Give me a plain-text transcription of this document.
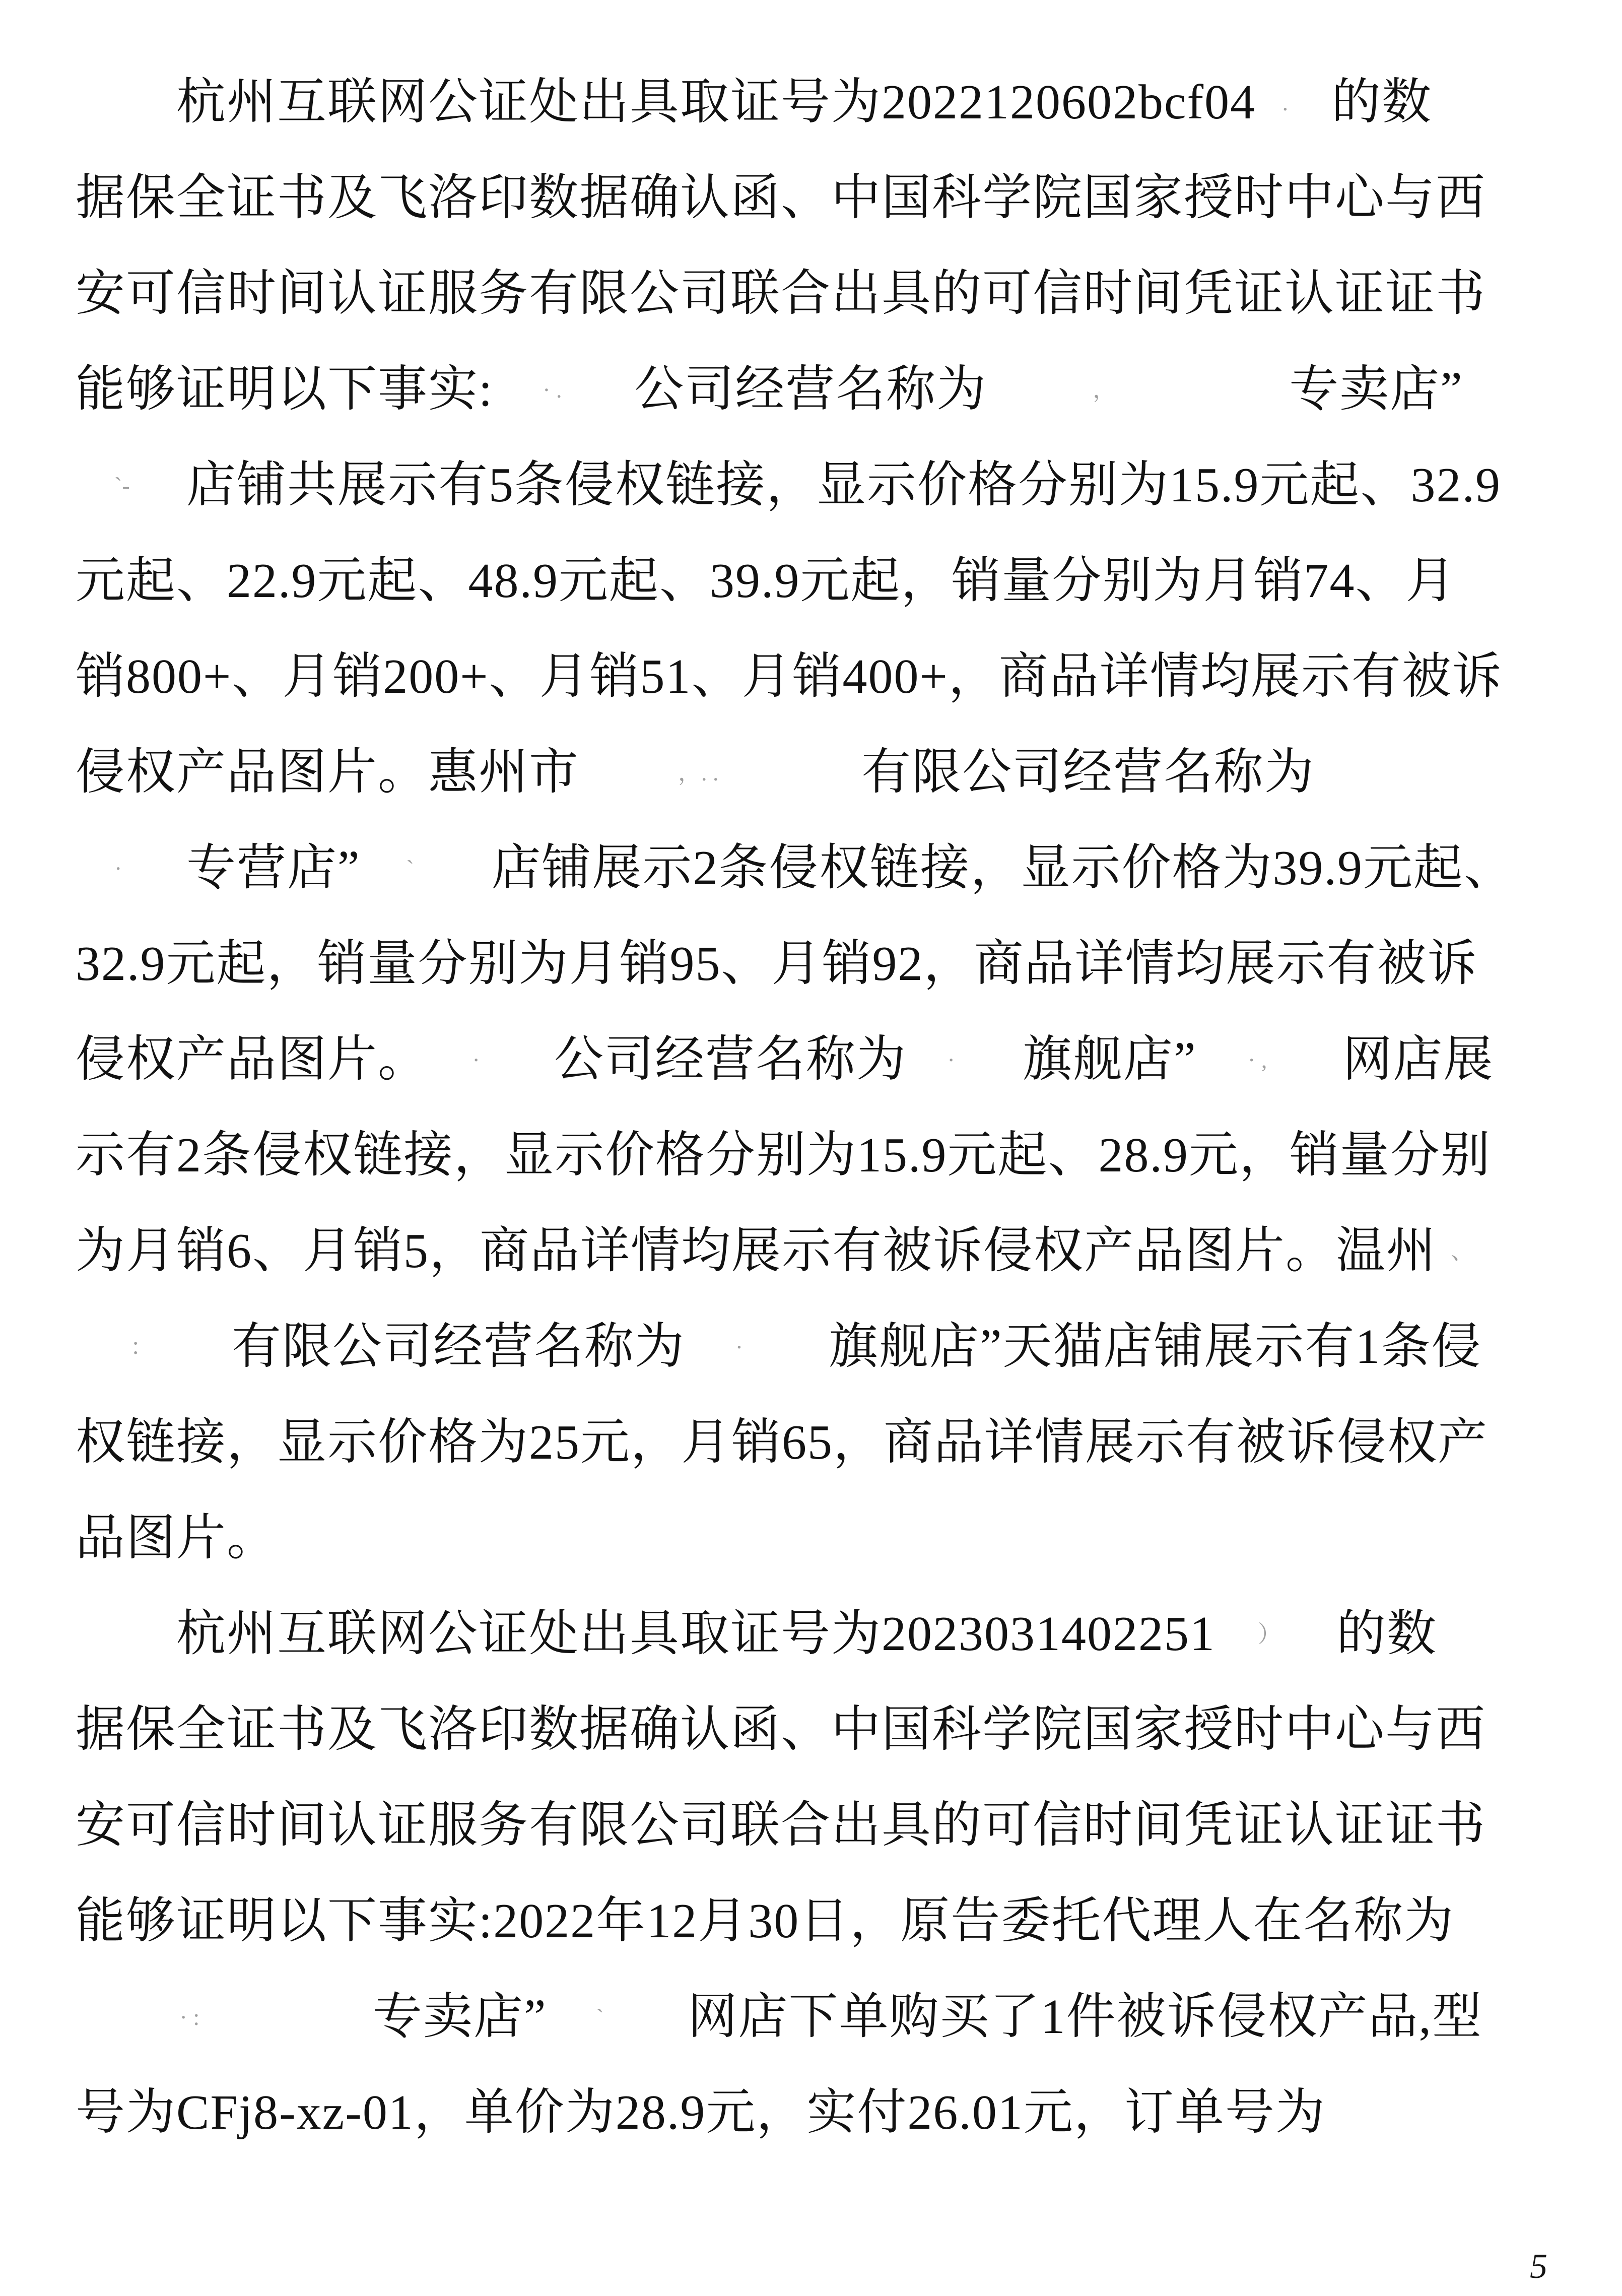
杭州互联网公证处出具取证号为2022120602bcf04 . 的数
据保全证书及飞洛印数据确认函、中国科学院国家授时中心与西
安可信时间认证服务有限公司联合出具的可信时间凭证认证证书
能够证明以下事实: · . 公司经营名称为	，	专卖店”
`- 店铺共展示有5条侵权链接，显示价格分别为15.9元起、32.9
元起、22.9元起、48.9元起、39.9元起，销量分别为月销74、月
销800+、月销200+、月销51、月销400+，商品详情均展示有被诉
侵权产品图片。惠州市	，. .	有限公司经营名称为
· 专营店” ` 店铺展示2条侵权链接，显示价格为39.9元起、
32.9元起，销量分别为月销95、月销92，商品详情均展示有被诉
侵权产品图片。 · 公司经营名称为 · 旗舰店” · , 网店展
示有2条侵权链接，显示价格分别为15.9元起、28.9元，销量分别
为月销6、月销5，商品详情均展示有被诉侵权产品图片。温州 、
： 有限公司经营名称为 · 旗舰店”天猫店铺展示有1条侵
权链接，显示价格为25元，月销65，商品详情展示有被诉侵权产
品图片。
杭州互联网公证处出具取证号为2023031402251 ） 的数
据保全证书及飞洛印数据确认函、中国科学院国家授时中心与西
安可信时间认证服务有限公司联合出具的可信时间凭证认证证书
能够证明以下事实:2022年12月30日，原告委托代理人在名称为
· :	专卖店” ` 网店下单购买了1件被诉侵权产品,型
号为CFj8-xz-01，单价为28.9元，实付26.01元，订单号为
5
